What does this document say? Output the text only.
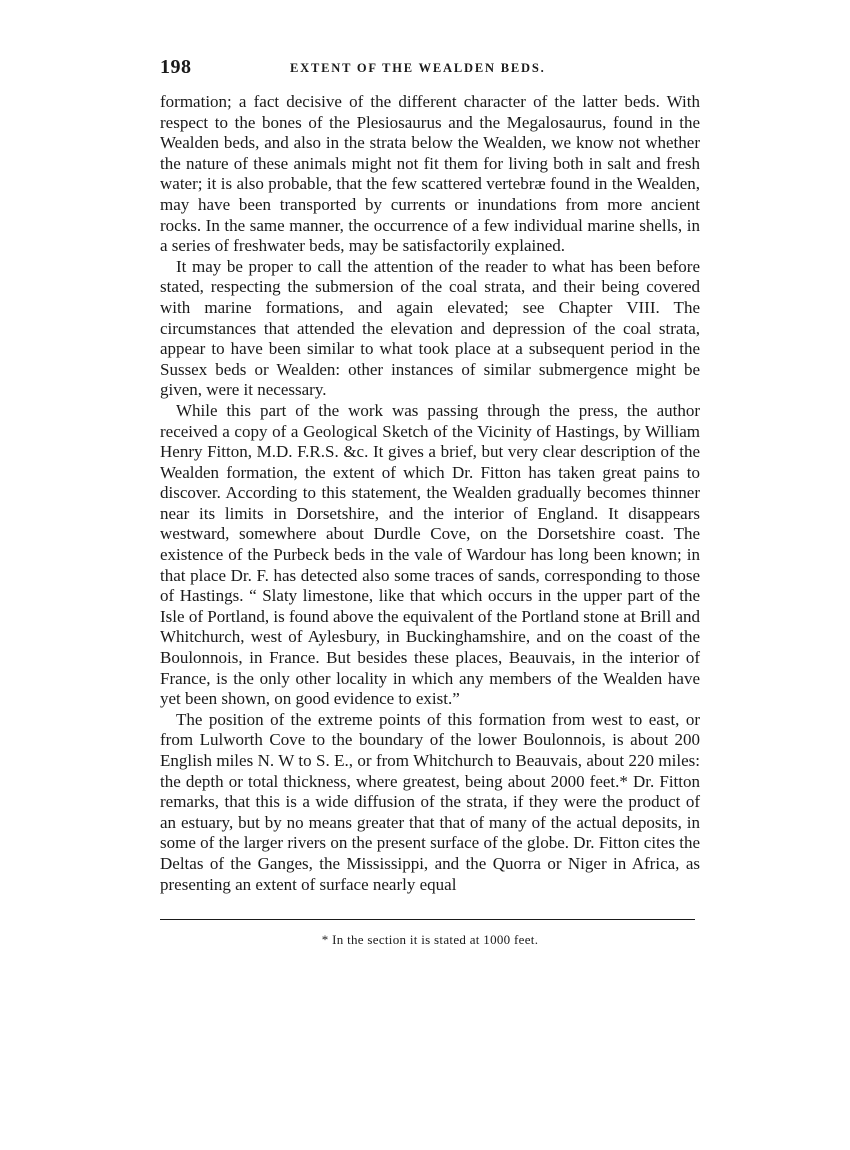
198	EXTENT OF THE WEALDEN BEDS.

formation; a fact decisive of the different character of the latter beds. With respect to the bones of the Plesiosaurus and the Megalosaurus, found in the Wealden beds, and also in the strata below the Wealden, we know not whether the nature of these animals might not fit them for living both in salt and fresh water; it is also probable, that the few scattered vertebræ found in the Wealden, may have been transported by currents or inundations from more ancient rocks. In the same manner, the occurrence of a few individual marine shells, in a series of freshwater beds, may be satisfactorily explained.

It may be proper to call the attention of the reader to what has been before stated, respecting the submersion of the coal strata, and their being covered with marine formations, and again elevated; see Chapter VIII. The circumstances that attended the elevation and depression of the coal strata, appear to have been similar to what took place at a subsequent period in the Sussex beds or Wealden: other instances of similar submergence might be given, were it necessary.

While this part of the work was passing through the press, the author received a copy of a Geological Sketch of the Vicinity of Hastings, by William Henry Fitton, M.D. F.R.S. &c. It gives a brief, but very clear description of the Wealden formation, the extent of which Dr. Fitton has taken great pains to discover. According to this statement, the Wealden gradually becomes thinner near its limits in Dorsetshire, and the interior of England. It disappears westward, somewhere about Durdle Cove, on the Dorsetshire coast. The existence of the Purbeck beds in the vale of Wardour has long been known; in that place Dr. F. has detected also some traces of sands, corresponding to those of Hastings. “ Slaty limestone, like that which occurs in the upper part of the Isle of Portland, is found above the equivalent of the Portland stone at Brill and Whitchurch, west of Aylesbury, in Buckinghamshire, and on the coast of the Boulonnois, in France. But besides these places, Beauvais, in the interior of France, is the only other locality in which any members of the Wealden have yet been shown, on good evidence to exist.”

The position of the extreme points of this formation from west to east, or from Lulworth Cove to the boundary of the lower Boulonnois, is about 200 English miles N. W to S. E., or from Whitchurch to Beauvais, about 220 miles: the depth or total thickness, where greatest, being about 2000 feet.* Dr. Fitton remarks, that this is a wide diffusion of the strata, if they were the product of an estuary, but by no means greater that that of many of the actual deposits, in some of the larger rivers on the present surface of the globe. Dr. Fitton cites the Deltas of the Ganges, the Mississippi, and the Quorra or Niger in Africa, as presenting an extent of surface nearly equal

* In the section it is stated at 1000 feet.
